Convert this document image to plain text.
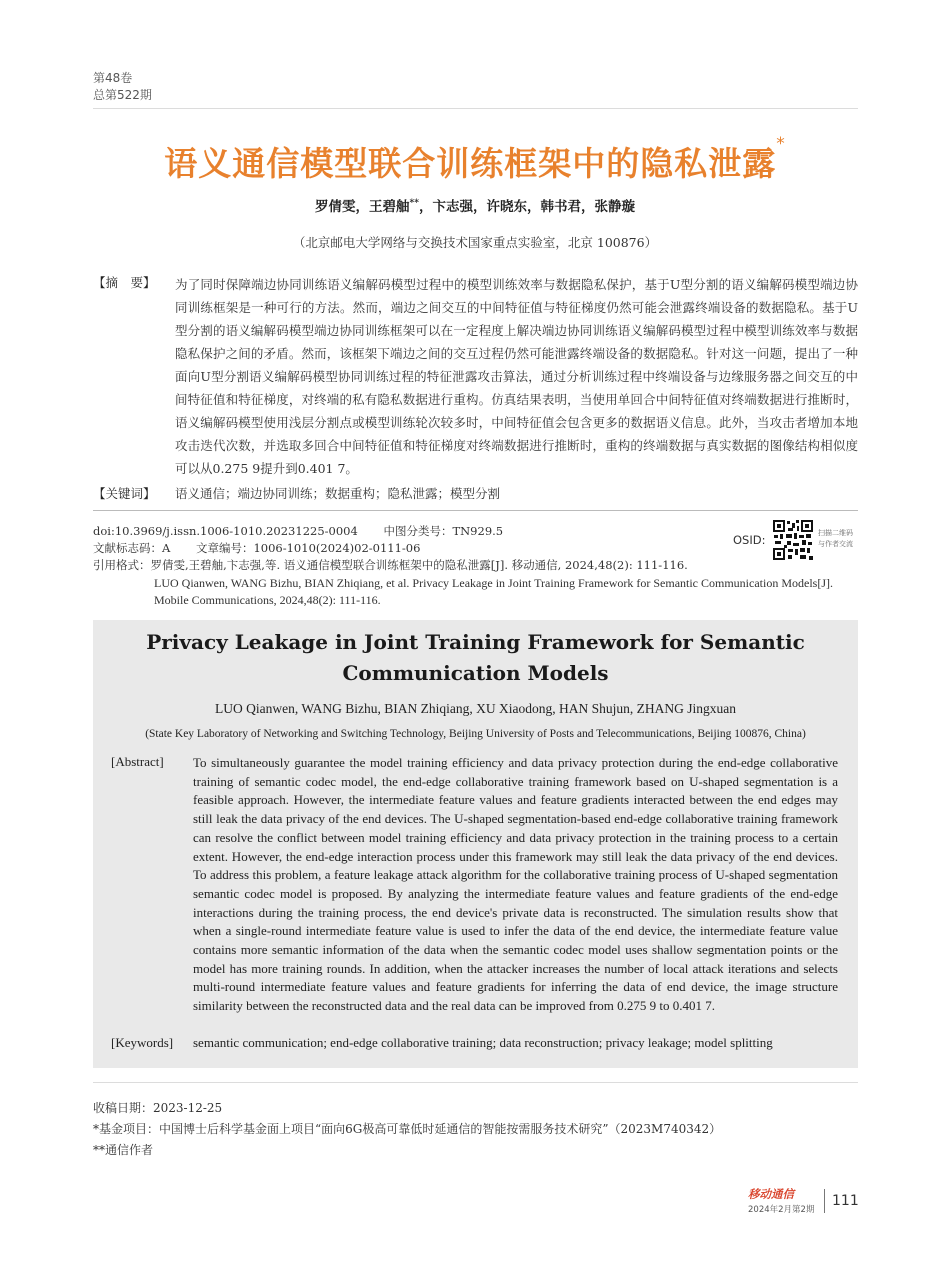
第48卷
总第522期
语义通信模型联合训练框架中的隐私泄露*
罗倩雯，王碧舳**，卞志强，许晓东，韩书君，张静璇
（北京邮电大学网络与交换技术国家重点实验室，北京 100876）
【摘　要】 为了同时保障端边协同训练语义编解码模型过程中的模型训练效率与数据隐私保护，基于U型分割的语义编解码模型端边协同训练框架是一种可行的方法。然而，端边之间交互的中间特征值与特征梯度仍然可能会泄露终端设备的数据隐私。基于U型分割的语义编解码模型端边协同训练框架可以在一定程度上解决端边协同训练语义编解码模型过程中模型训练效率与数据隐私保护之间的矛盾。然而，该框架下端边之间的交互过程仍然可能泄露终端设备的数据隐私。针对这一问题，提出了一种面向U型分割语义编解码模型协同训练过程的特征泄露攻击算法，通过分析训练过程中终端设备与边缘服务器之间交互的中间特征值和特征梯度，对终端的私有隐私数据进行重构。仿真结果表明，当使用单回合中间特征值对终端数据进行推断时，语义编解码模型使用浅层分割点或模型训练轮次较多时，中间特征值会包含更多的数据语义信息。此外，当攻击者增加本地攻击迭代次数，并选取多回合中间特征值和特征梯度对终端数据进行推断时，重构的终端数据与真实数据的图像结构相似度可以从0.275 9提升到0.401 7。
【关键词】 语义通信；端边协同训练；数据重构；隐私泄露；模型分割
doi:10.3969/j.issn.1006-1010.20231225-0004 中图分类号：TN929.5
文献标志码：A 文章编号：1006-1010(2024)02-0111-06
引用格式：罗倩雯,王碧舳,卞志强,等. 语义通信模型联合训练框架中的隐私泄露[J]. 移动通信, 2024,48(2): 111-116.
LUO Qianwen, WANG Bizhu, BIAN Zhiqiang, et al. Privacy Leakage in Joint Training Framework for Semantic Communication Models[J].
Mobile Communications, 2024,48(2): 111-116.
OSID:	扫描二维码
与作者交流
Privacy Leakage in Joint Training Framework for Semantic
Communication Models
LUO Qianwen, WANG Bizhu, BIAN Zhiqiang, XU Xiaodong, HAN Shujun, ZHANG Jingxuan
(State Key Laboratory of Networking and Switching Technology, Beijing University of Posts and Telecommunications, Beijing 100876, China)
[Abstract] To simultaneously guarantee the model training efficiency and data privacy protection during the end-edge collaborative training of semantic codec model, the end-edge collaborative training framework based on U-shaped segmentation is a feasible approach. However, the intermediate feature values and feature gradients interacted between the end edges may still leak the data privacy of the end devices. The U-shaped segmentation-based end-edge collaborative training framework can resolve the conflict between model training efficiency and data privacy protection in the training process to a certain extent. However, the end-edge interaction process under this framework may still leak the data privacy of the end devices. To address this problem, a feature leakage attack algorithm for the collaborative training process of U-shaped segmentation semantic codec model is proposed. By analyzing the intermediate feature values and feature gradients of the end-edge interactions during the training process, the end device's private data is reconstructed. The simulation results show that when a single-round intermediate feature value is used to infer the data of the end device, the intermediate feature value contains more semantic information of the data when the semantic codec model uses shallow segmentation points or the model has more training rounds. In addition, when the attacker increases the number of local attack iterations and selects multi-round intermediate feature values and feature gradients for inferring the data of end device, the image structure similarity between the reconstructed data and the real data can be improved from 0.275 9 to 0.401 7.
[Keywords] semantic communication; end-edge collaborative training; data reconstruction; privacy leakage; model splitting
收稿日期：2023-12-25
*基金项目：中国博士后科学基金面上项目“面向6G极高可靠低时延通信的智能按需服务技术研究”（2023M740342）
**通信作者
移动通信
2024年2月第2期
111
